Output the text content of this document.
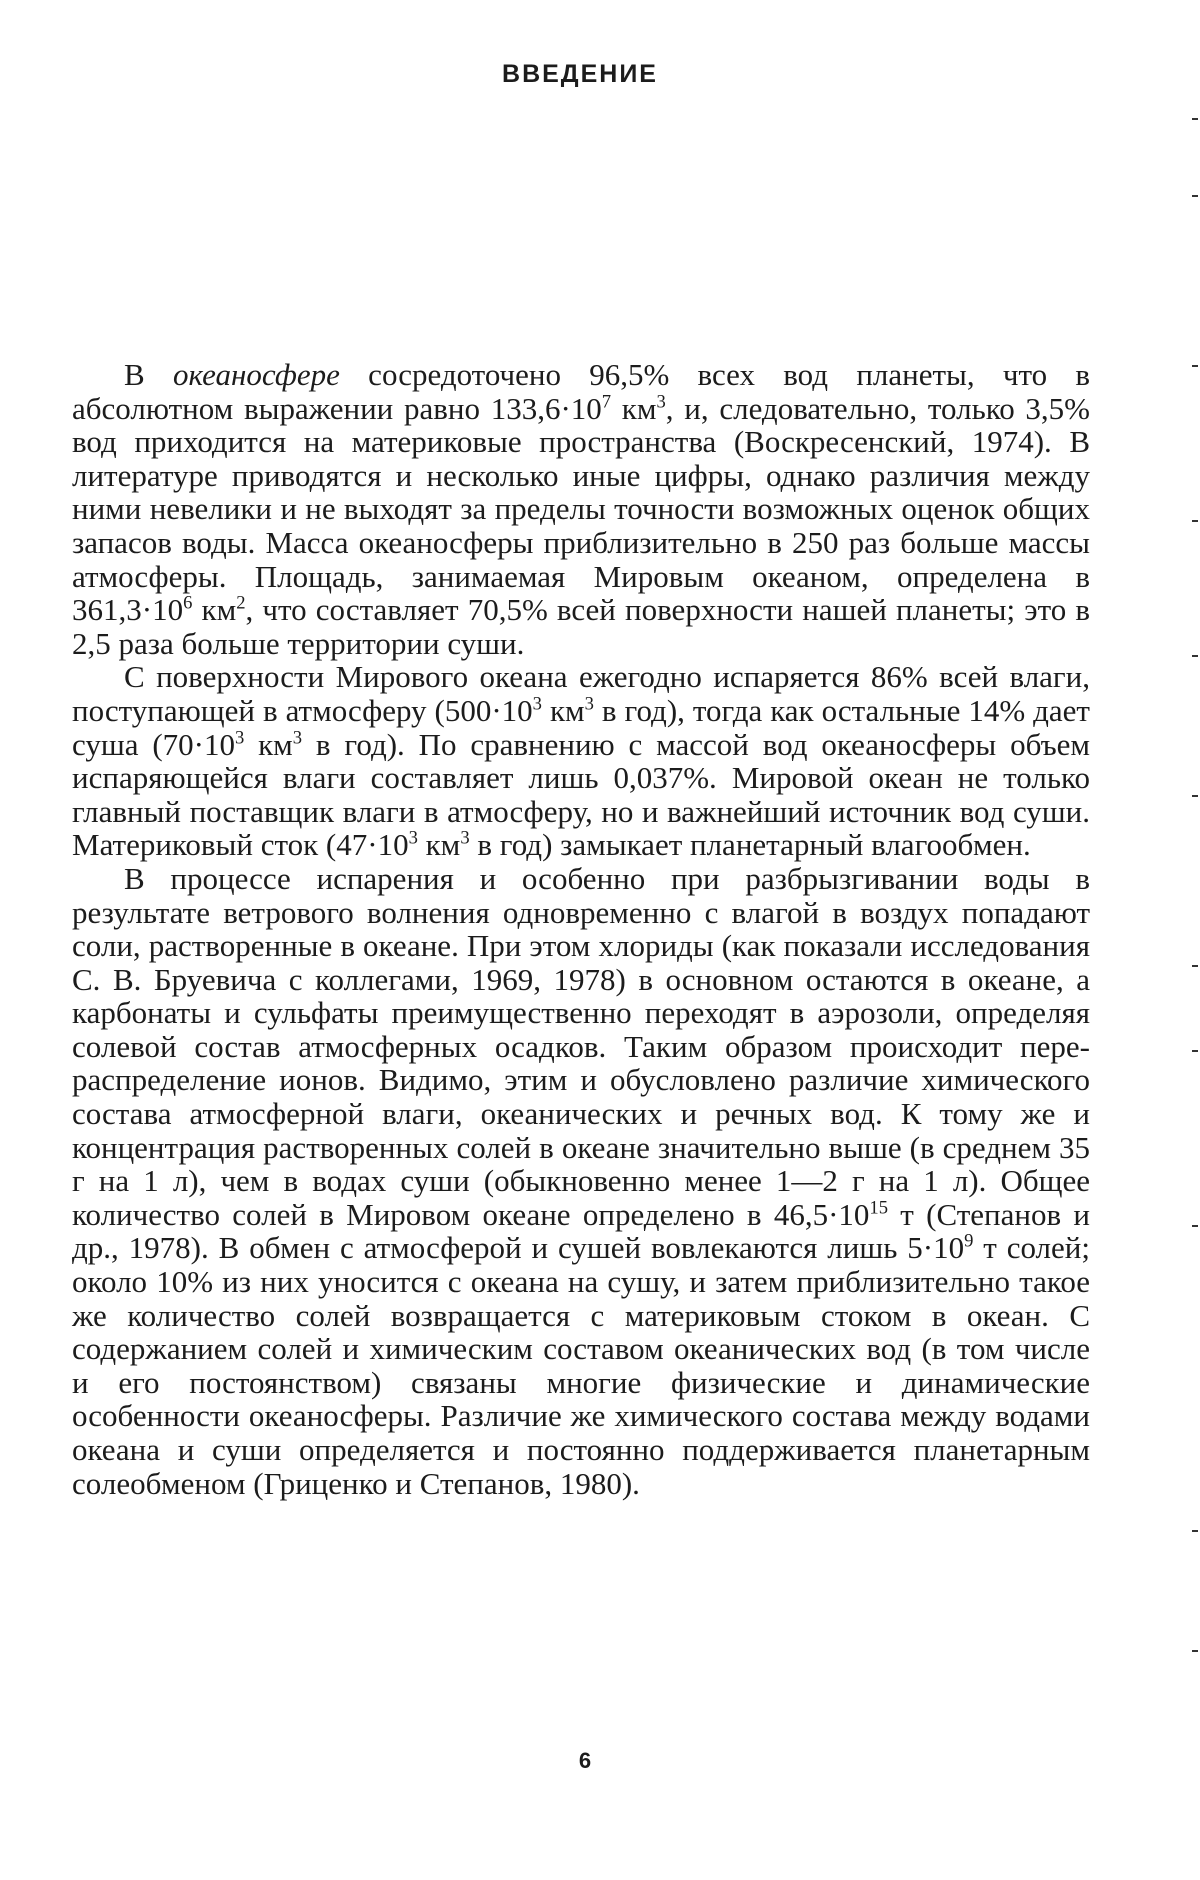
ВВЕДЕНИЕ

В океаносфере сосредоточено 96,5% всех вод планеты, что в абсолютном выражении равно $133,6\cdot 10^7$ $км^3$, и, следовательно, только 3,5% вод приходится на материковые пространства (Воскресенский, 1974). В литературе приводятся и несколько иные цифры, однако различия между ними невелики и не выходят за пределы точности возможных оценок общих запасов воды. Масса океаносферы приблизительно в 250 раз больше массы атмосферы. Площадь, занимаемая Мировым океаном, определена в $361,3\cdot 10^6$ $км^2$, что составляет 70,5% всей поверхности нашей планеты; это в 2,5 раза больше территории суши.

С поверхности Мирового океана ежегодно испаряется 86% всей влаги, поступающей в атмосферу ($500\cdot 10^3$ $км^3$ в год), тогда как остальные 14% дает суша ($70\cdot 10^3$ $км^3$ в год). По сравнению с массой вод океаносферы объем испаряющейся влаги составляет лишь 0,037%. Мировой океан не только главный поставщик влаги в атмосферу, но и важнейший источник вод суши. Материковый сток ($47\cdot 10^3$ $км^3$ в год) замыкает планетарный влагообмен.

В процессе испарения и особенно при разбрызгивании воды в результате ветрового волнения одновременно с влагой в воздух попадают соли, растворенные в океане. При этом хлориды (как показали исследования С. В. Бруевича с коллегами, 1969, 1978) в основном остаются в океане, а карбонаты и сульфаты преимущественно переходят в аэрозоли, определяя солевой состав атмосферных осадков. Таким образом происходит перераспределение ионов. Видимо, этим и обусловлено различие химического состава атмосферной влаги, океанических и речных вод. К тому же и концентрация растворенных солей в океане значительно выше (в среднем 35 г на 1 л), чем в водах суши (обыкновенно менее 1—2 г на 1 л). Общее количество солей в Мировом океане определено в $46,5\cdot 10^{15}$ т (Степанов и др., 1978). В обмен с атмосферой и сушей вовлекаются лишь $5\cdot 10^9$ т солей; около 10% из них уносится с океана на сушу, и затем приблизительно такое же количество солей возвращается с материковым стоком в океан. С содержанием солей и химическим составом океанических вод (в том числе и его постоянством) связаны многие физические и динамические особенности океаносферы. Различие же химического состава между водами океана и суши определяется и постоянно поддерживается планетарным солеобменом (Гриценко и Степанов, 1980).

6
